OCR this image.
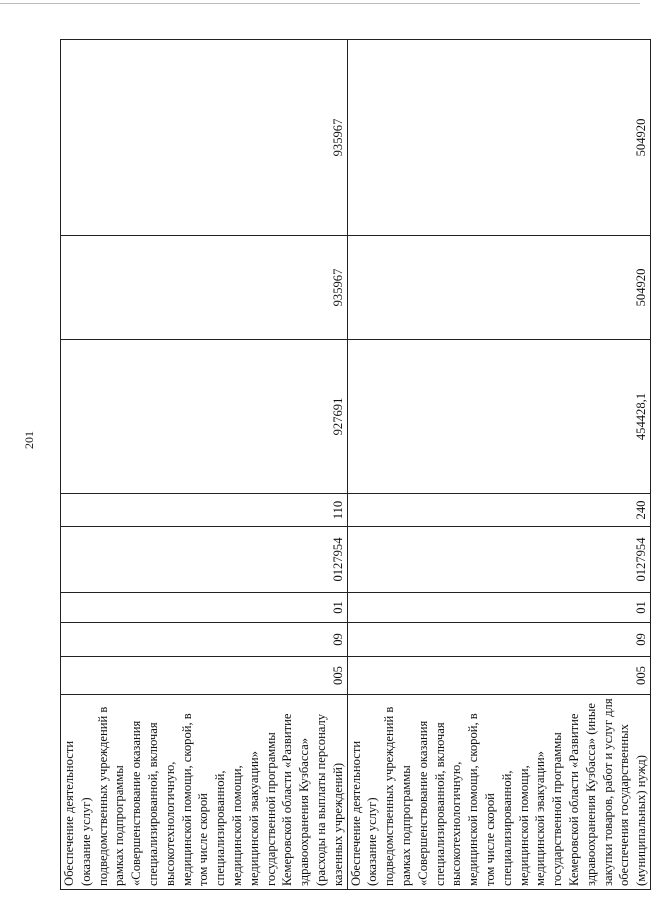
201
Обеспечение деятельности (оказание услуг) подведомственных учреждений в рамках подпрограммы «Совершенствование оказания специализированной, включая высокотехнологичную, медицинской помощи, скорой, в том числе скорой специализированной, медицинской помощи, медицинской эвакуации» государственной программы Кемеровской области «Развитие здравоохранения Кузбасса» (расходы на выплаты персоналу казенных учреждений)	005	09	01	0127954	110	927691	935967	935967

Обеспечение деятельности (оказание услуг) подведомственных учреждений в рамках подпрограммы «Совершенствование оказания специализированной, включая высокотехнологичную, медицинской помощи, скорой, в том числе скорой специализированной, медицинской помощи, медицинской эвакуации» государственной программы Кемеровской области «Развитие здравоохранения Кузбасса» (иные закупки товаров, работ и услуг для обеспечения государственных (муниципальных) нужд)	005	09	01	0127954	240	454428,1	504920	504920
